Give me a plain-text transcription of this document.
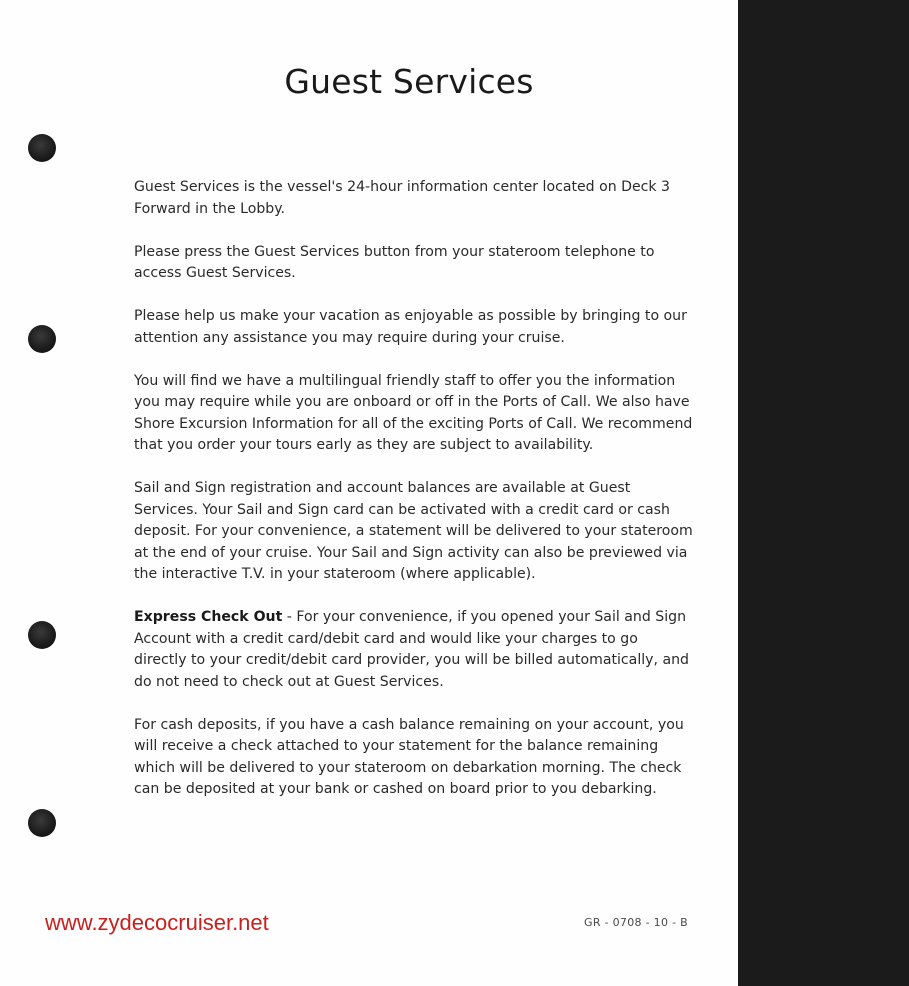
Guest Services

Guest Services is the vessel's 24-hour information center located on Deck 3 Forward in the Lobby.

Please press the Guest Services button from your stateroom telephone to access Guest Services.

Please help us make your vacation as enjoyable as possible by bringing to our attention any assistance you may require during your cruise.

You will find we have a multilingual friendly staff to offer you the information you may require while you are onboard or off in the Ports of Call. We also have Shore Excursion Information for all of the exciting Ports of Call. We recommend that you order your tours early as they are subject to availability.

Sail and Sign registration and account balances are available at Guest Services. Your Sail and Sign card can be activated with a credit card or cash deposit. For your convenience, a statement will be delivered to your stateroom at the end of your cruise. Your Sail and Sign activity can also be previewed via the interactive T.V. in your stateroom (where applicable).

Express Check Out - For your convenience, if you opened your Sail and Sign Account with a credit card/debit card and would like your charges to go directly to your credit/debit card provider, you will be billed automatically, and do not need to check out at Guest Services.

For cash deposits, if you have a cash balance remaining on your account, you will receive a check attached to your statement for the balance remaining which will be delivered to your stateroom on debarkation morning. The check can be deposited at your bank or cashed on board prior to you debarking.

GR - 0708 - 10 - B
www.zydecocruiser.net
